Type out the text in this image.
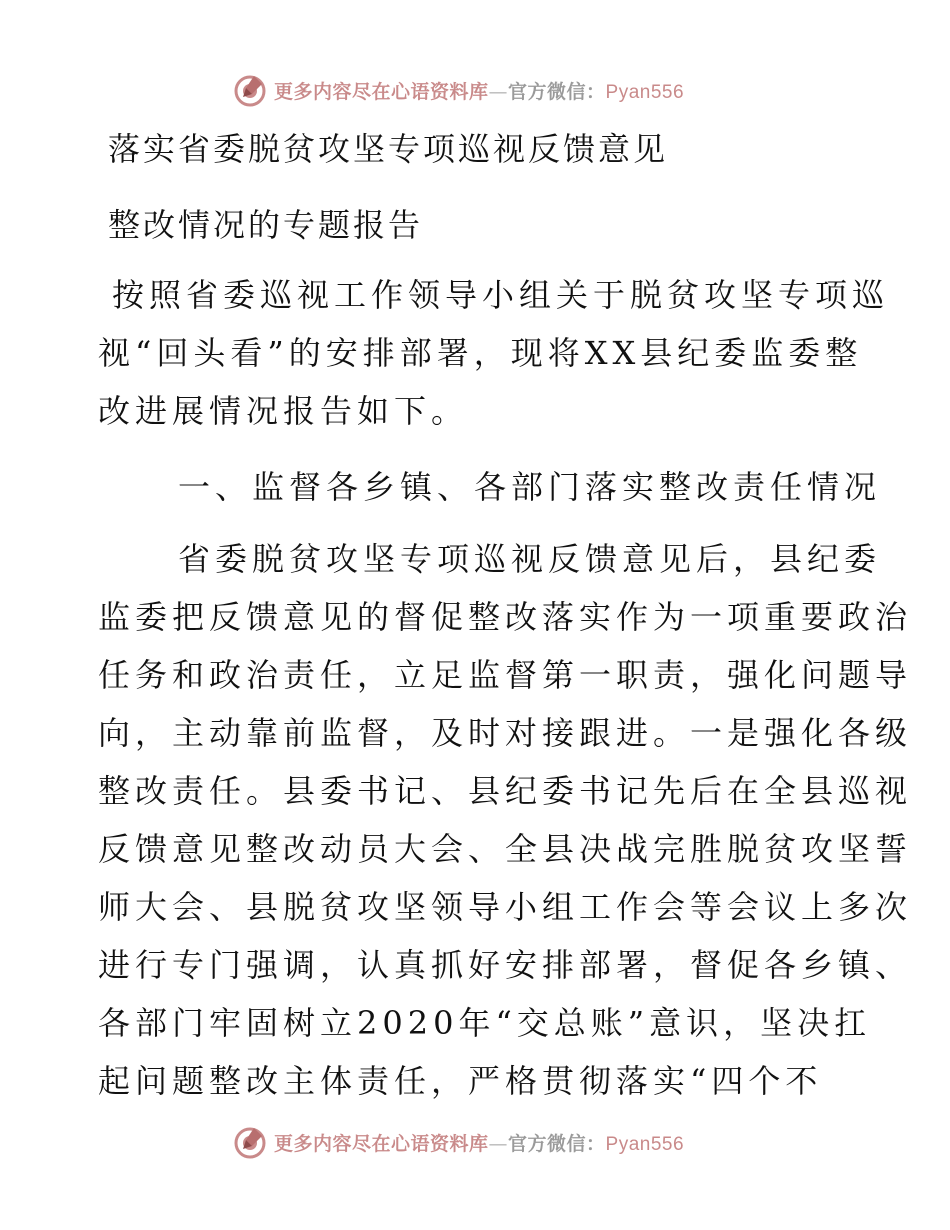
更多内容尽在心语资料库—官方微信：Pyan556
落实省委脱贫攻坚专项巡视反馈意见
整改情况的专题报告
按照省委巡视工作领导小组关于脱贫攻坚专项巡
视“回头看”的安排部署，现将XX县纪委监委整
改进展情况报告如下。
一、监督各乡镇、各部门落实整改责任情况
省委脱贫攻坚专项巡视反馈意见后，县纪委
监委把反馈意见的督促整改落实作为一项重要政治
任务和政治责任，立足监督第一职责，强化问题导
向，主动靠前监督，及时对接跟进。一是强化各级
整改责任。县委书记、县纪委书记先后在全县巡视
反馈意见整改动员大会、全县决战完胜脱贫攻坚誓
师大会、县脱贫攻坚领导小组工作会等会议上多次
进行专门强调，认真抓好安排部署，督促各乡镇、
各部门牢固树立2020年“交总账”意识，坚决扛
起问题整改主体责任，严格贯彻落实“四个不
更多内容尽在心语资料库—官方微信：Pyan556
